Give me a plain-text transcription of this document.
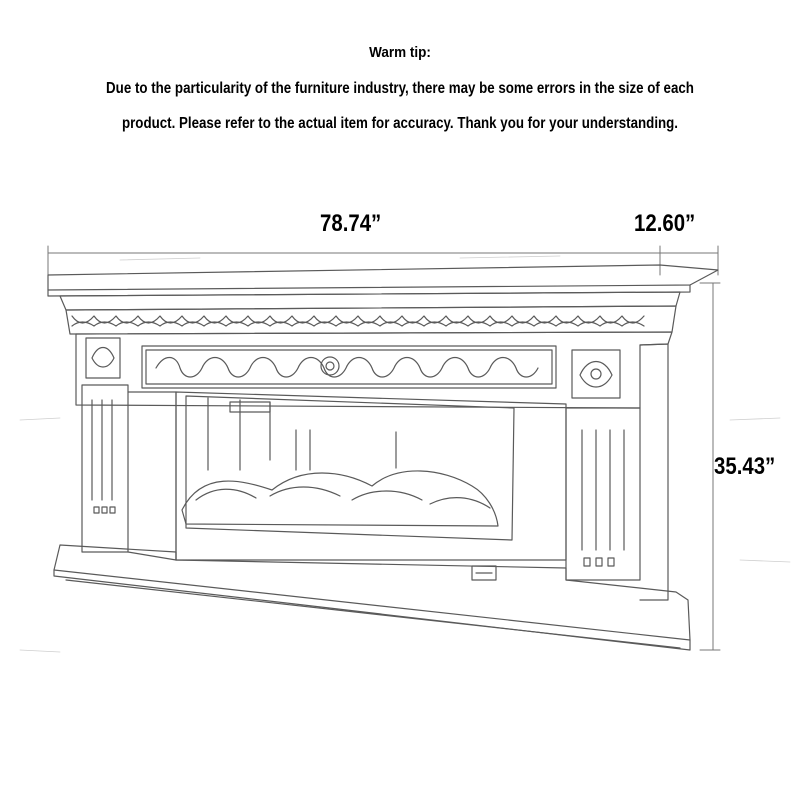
Warm tip:
Due to the particularity of the furniture industry, there may be some errors in the size of each
product. Please refer to the actual item for accuracy. Thank you for your understanding.
78.74”	12.60”
35.43”
